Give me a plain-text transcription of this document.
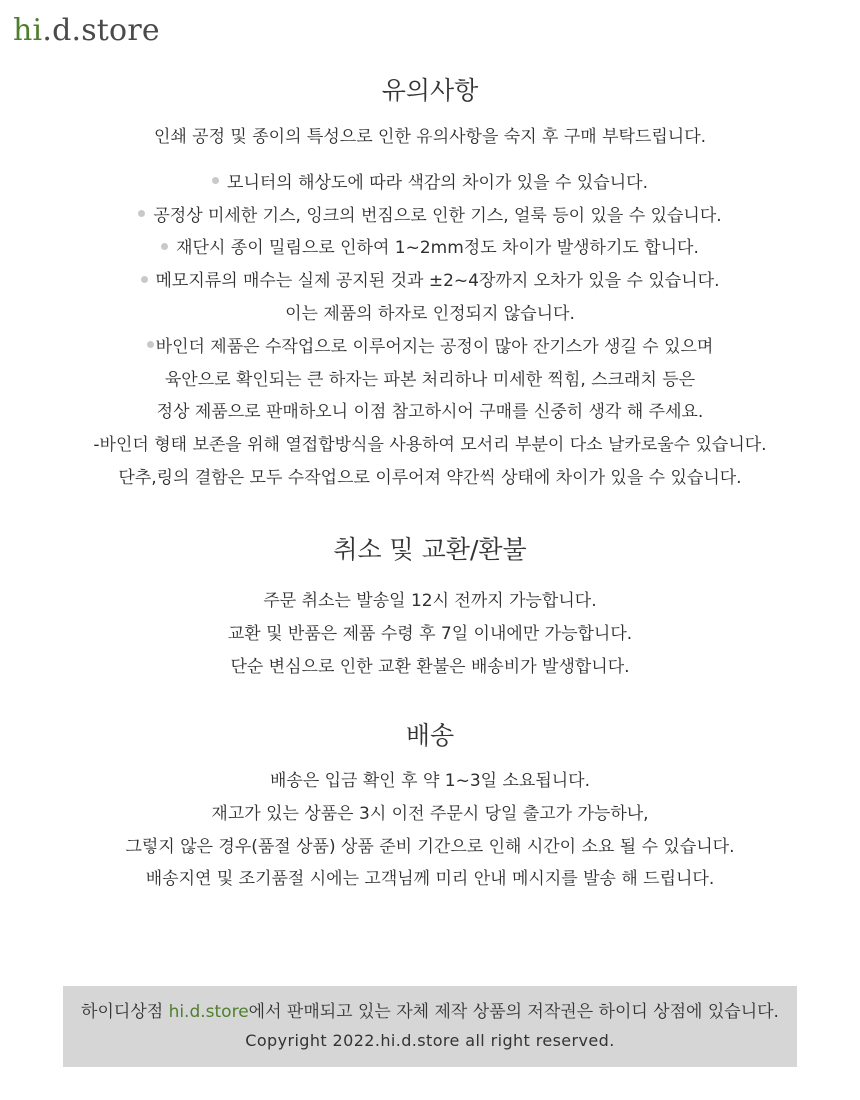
hi.d.store
유의사항
인쇄 공정 및 종이의 특성으로 인한 유의사항을 숙지 후 구매 부탁드립니다.
모니터의 해상도에 따라 색감의 차이가 있을 수 있습니다.
공정상 미세한 기스, 잉크의 번짐으로 인한 기스, 얼룩 등이 있을 수 있습니다.
재단시 종이 밀림으로 인하여 1~2mm정도 차이가 발생하기도 합니다.
메모지류의 매수는 실제 공지된 것과 ±2~4장까지 오차가 있을 수 있습니다.
이는 제품의 하자로 인정되지 않습니다.
바인더 제품은 수작업으로 이루어지는 공정이 많아 잔기스가 생길 수 있으며
육안으로 확인되는 큰 하자는 파본 처리하나 미세한 찍힘, 스크래치 등은
정상 제품으로 판매하오니 이점 참고하시어 구매를 신중히 생각 해 주세요.
-바인더 형태 보존을 위해 열접합방식을 사용하여 모서리 부분이 다소 날카로울수 있습니다.
단추,링의 결함은 모두 수작업으로 이루어져 약간씩 상태에 차이가 있을 수 있습니다.
취소 및 교환/환불
주문 취소는 발송일 12시 전까지 가능합니다.
교환 및 반품은 제품 수령 후 7일 이내에만 가능합니다.
단순 변심으로 인한 교환 환불은 배송비가 발생합니다.
배송
배송은 입금 확인 후 약 1~3일 소요됩니다.
재고가 있는 상품은 3시 이전 주문시 당일 출고가 가능하나,
그렇지 않은 경우(품절 상품) 상품 준비 기간으로 인해 시간이 소요 될 수 있습니다.
배송지연 및 조기품절 시에는 고객님께 미리 안내 메시지를 발송 해 드립니다.
하이디상점 hi.d.store에서 판매되고 있는 자체 제작 상품의 저작권은 하이디 상점에 있습니다.
Copyright 2022.hi.d.store all right reserved.
